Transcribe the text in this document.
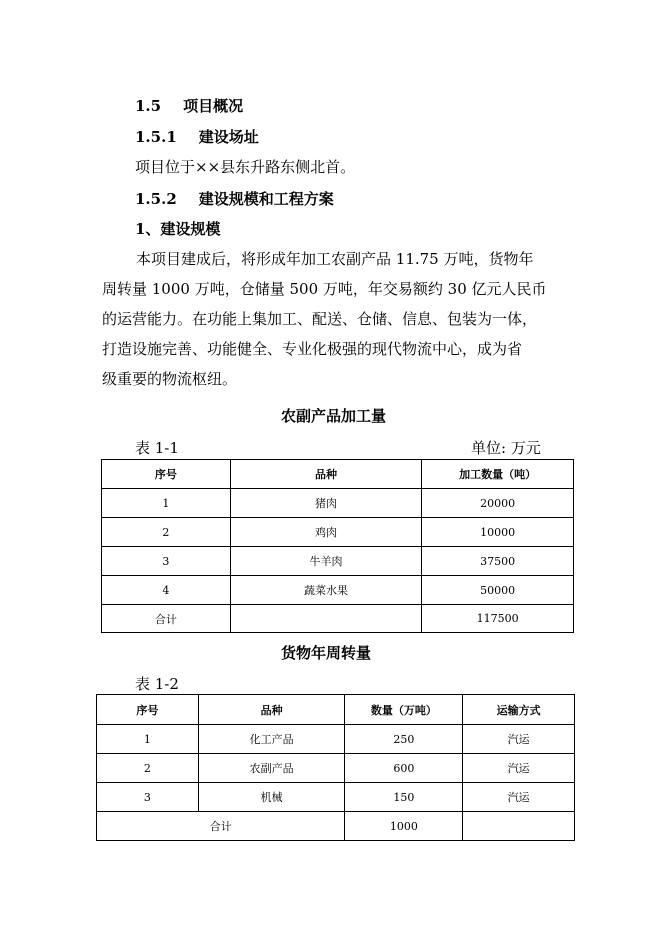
1.5 项目概况
1.5.1 建设场址
项目位于××县东升路东侧北首。
1.5.2 建设规模和工程方案
1、建设规模
本项目建成后，将形成年加工农副产品 11.75 万吨，货物年
周转量 1000 万吨，仓储量 500 万吨，年交易额约 30 亿元人民币
的运营能力。在功能上集加工、配送、仓储、信息、包装为一体，
打造设施完善、功能健全、专业化极强的现代物流中心，成为省
级重要的物流枢纽。
农副产品加工量
表 1-1	单位: 万元
序号	品种	加工数量（吨）
1	猪肉	20000
2	鸡肉	10000
3	牛羊肉	37500
4	蔬菜水果	50000
合计		117500
货物年周转量
表 1-2
序号	品种	数量（万吨）	运输方式
1	化工产品	250	汽运
2	农副产品	600	汽运
3	机械	150	汽运
合计		1000	
